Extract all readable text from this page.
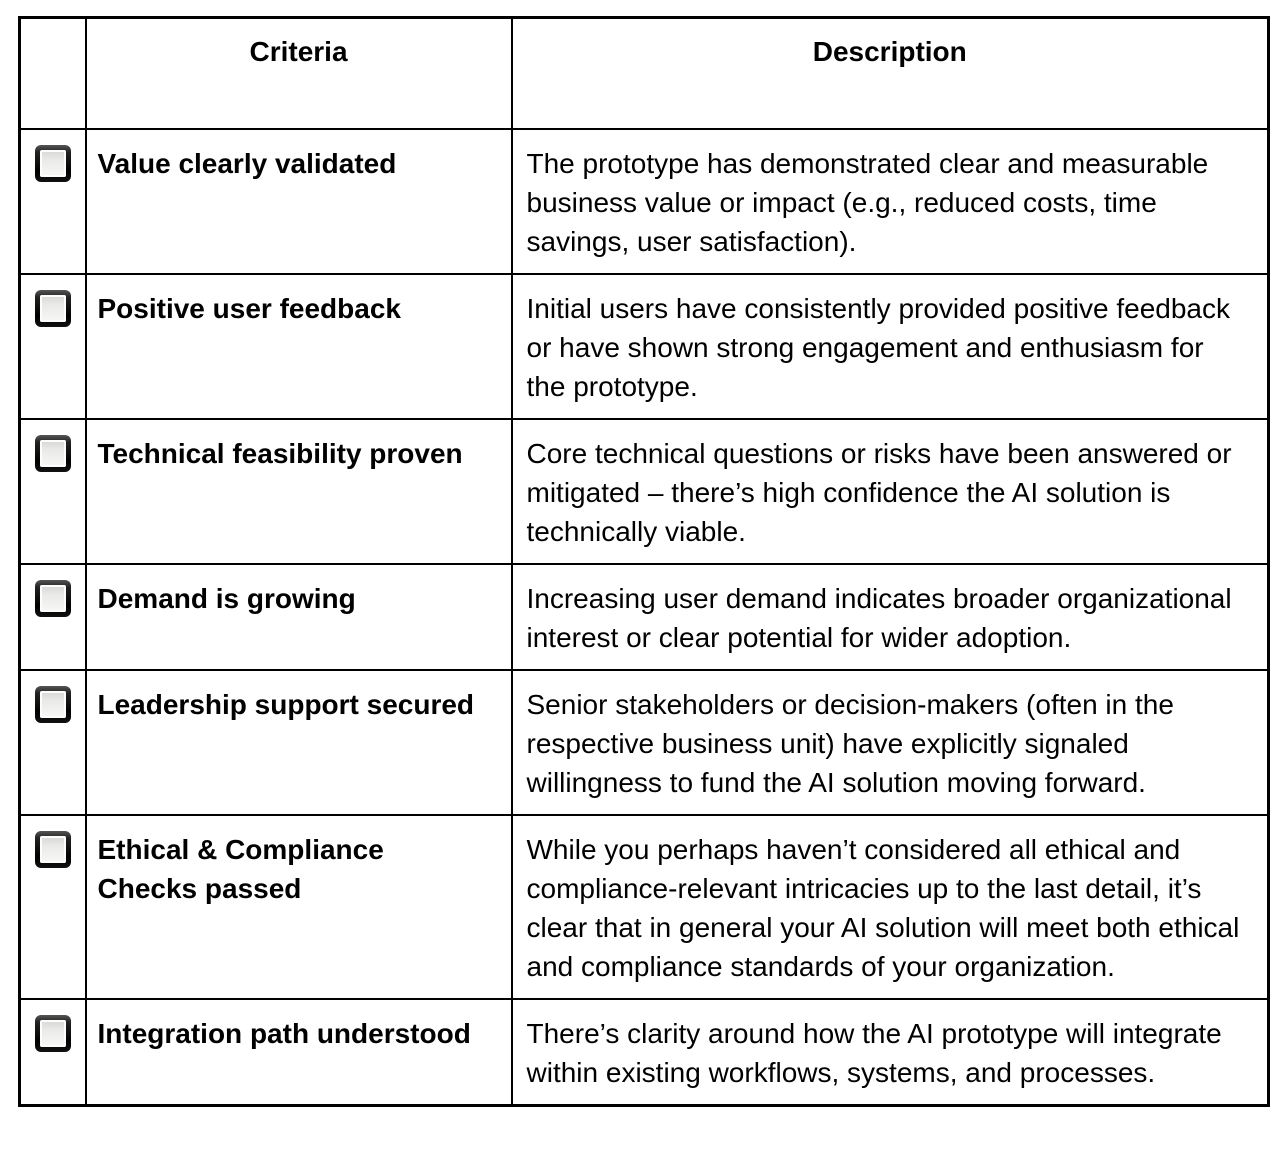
	Criteria	Description

	Value clearly validated	The prototype has demonstrated clear and measurable business value or impact (e.g., reduced costs, time savings, user satisfaction).

	Positive user feedback	Initial users have consistently provided positive feedback or have shown strong engagement and enthusiasm for the prototype.

	Technical feasibility proven	Core technical questions or risks have been answered or mitigated – there’s high confidence the AI solution is technically viable.

	Demand is growing	Increasing user demand indicates broader organizational interest or clear potential for wider adoption.

	Leadership support secured	Senior stakeholders or decision-makers (often in the respective business unit) have explicitly signaled willingness to fund the AI solution moving forward.

	Ethical & Compliance Checks passed	While you perhaps haven’t considered all ethical and compliance-relevant intricacies up to the last detail, it’s clear that in general your AI solution will meet both ethical and compliance standards of your organization.

	Integration path understood	There’s clarity around how the AI prototype will integrate within existing workflows, systems, and processes.
